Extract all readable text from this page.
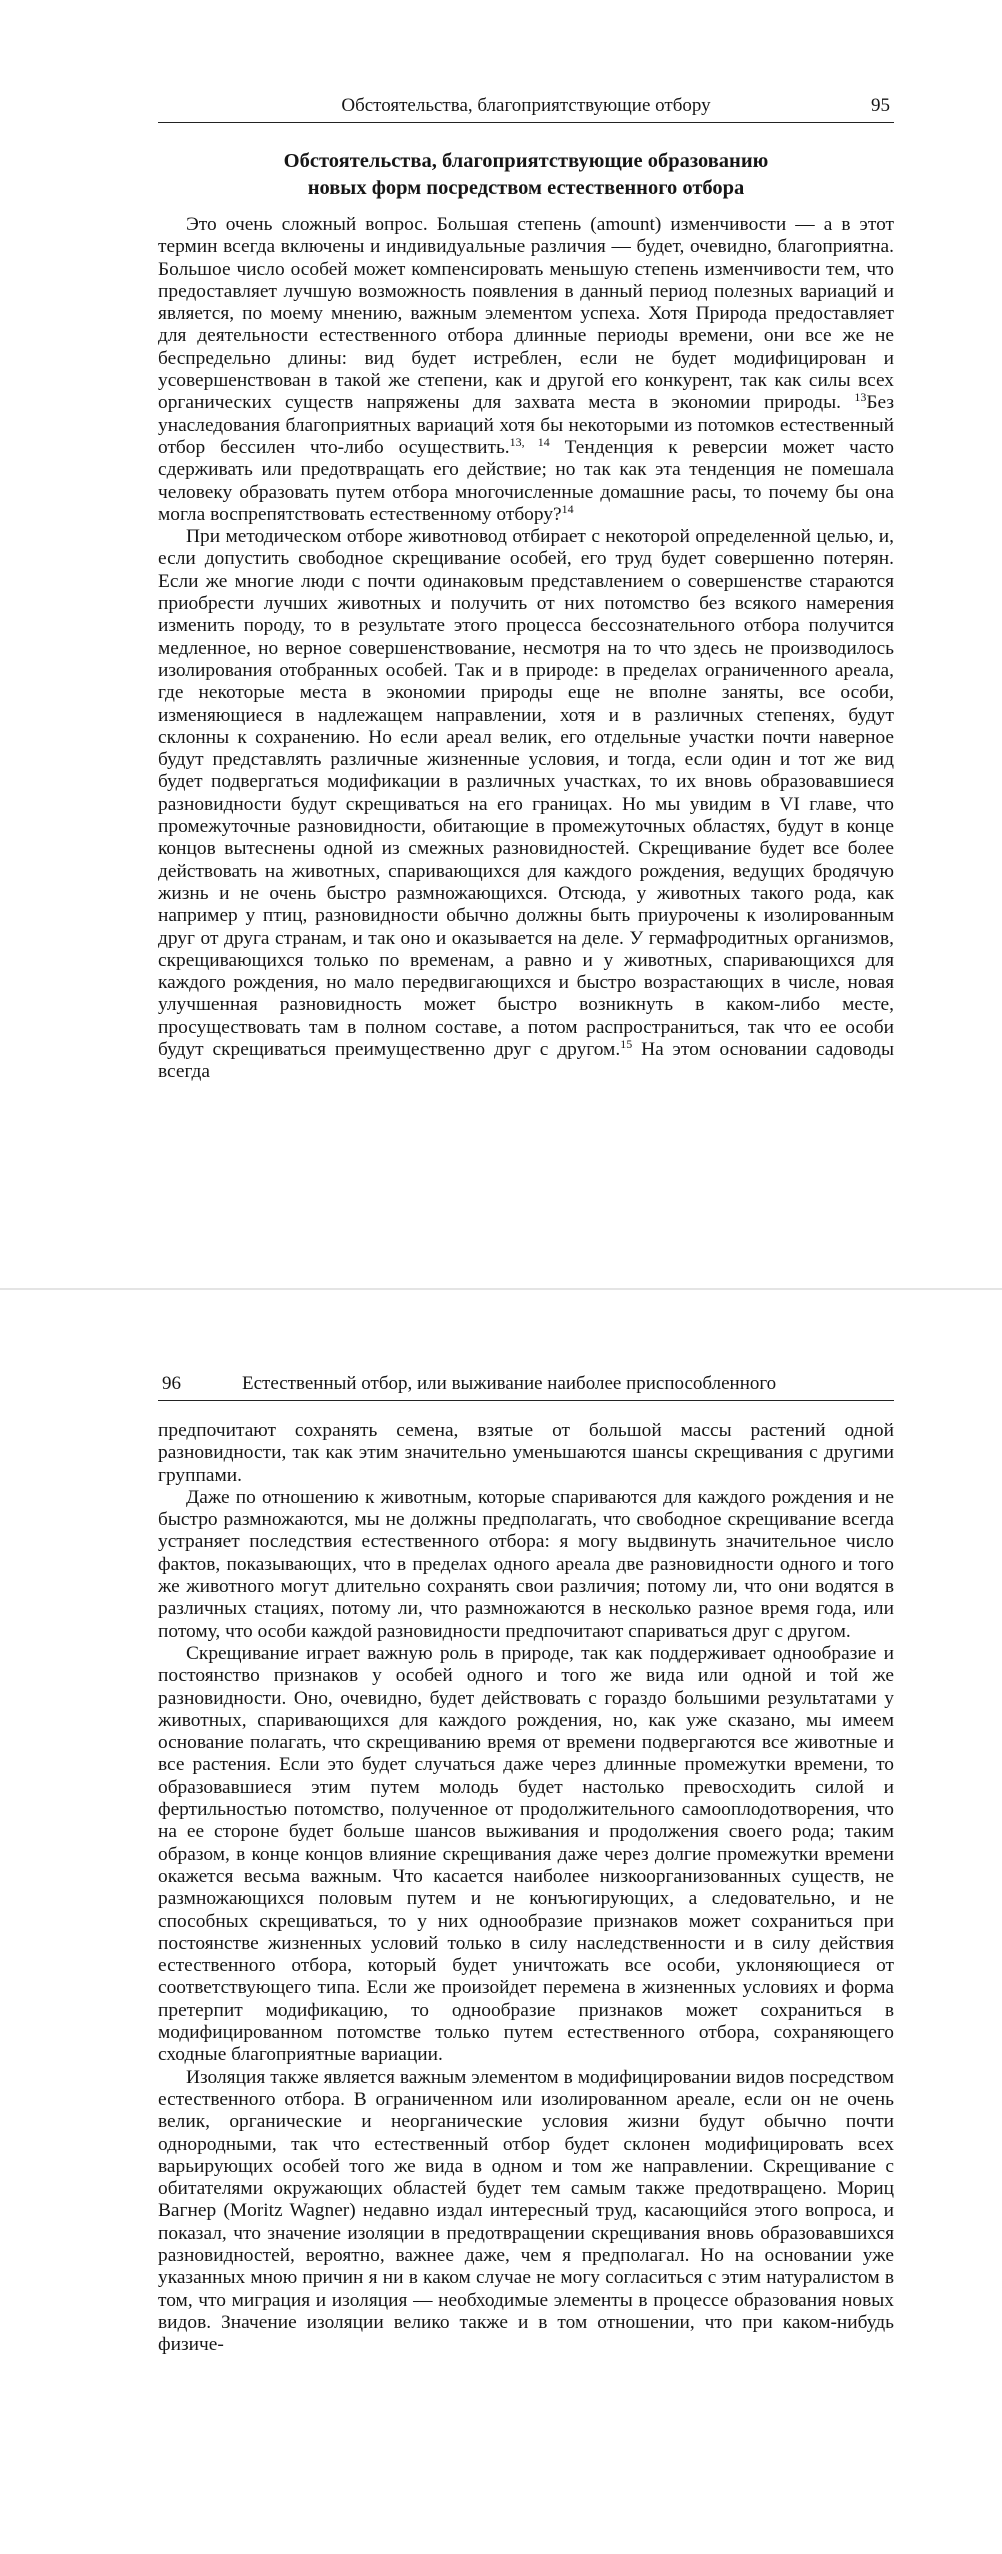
Обстоятельства, благоприятствующие отбору	95
Обстоятельства, благоприятствующие образованию
новых форм посредством естественного отбора

Это очень сложный вопрос. Большая степень (amount) изменчивости — а в этот термин всегда включены и индивидуальные различия — будет, очевидно, благоприятна. Большое число особей может компенсировать меньшую степень изменчивости тем, что предоставляет лучшую возможность появления в данный период полезных вариаций и является, по моему мнению, важным элементом успеха. Хотя Природа предоставляет для деятельности естественного отбора длинные периоды времени, они все же не беспредельно длины: вид будет истреблен, если не будет модифицирован и усовершенствован в такой же степени, как и другой его конкурент, так как силы всех органических существ напряжены для захвата места в экономии природы. $^{13}$Без унаследования благоприятных вариаций хотя бы некоторыми из потомков естественный отбор бессилен что-либо осуществить.$^{13, 14}$ Тенденция к реверсии может часто сдерживать или предотвращать его действие; но так как эта тенденция не помешала человеку образовать путем отбора многочисленные домашние расы, то почему бы она могла воспрепятствовать естественному отбору?$^{14}$

При методическом отборе животновод отбирает с некоторой определенной целью, и, если допустить свободное скрещивание особей, его труд будет совершенно потерян. Если же многие люди с почти одинаковым представлением о совершенстве стараются приобрести лучших животных и получить от них потомство без всякого намерения изменить породу, то в результате этого процесса бессознательного отбора получится медленное, но верное совершенствование, несмотря на то что здесь не производилось изолирования отобранных особей. Так и в природе: в пределах ограниченного ареала, где некоторые места в экономии природы еще не вполне заняты, все особи, изменяющиеся в надлежащем направлении, хотя и в различных степенях, будут склонны к сохранению. Но если ареал велик, его отдельные участки почти наверное будут представлять различные жизненные условия, и тогда, если один и тот же вид будет подвергаться модификации в различных участках, то их вновь образовавшиеся разновидности будут скрещиваться на его границах. Но мы увидим в VI главе, что промежуточные разновидности, обитающие в промежуточных областях, будут в конце концов вытеснены одной из смежных разновидностей. Скрещивание будет все более действовать на животных, спаривающихся для каждого рождения, ведущих бродячую жизнь и не очень быстро размножающихся. Отсюда, у животных такого рода, как например у птиц, разновидности обычно должны быть приурочены к изолированным друг от друга странам, и так оно и оказывается на деле. У гермафродитных организмов, скрещивающихся только по временам, а равно и у животных, спаривающихся для каждого рождения, но мало передвигающихся и быстро возрастающих в числе, новая улучшенная разновидность может быстро возникнуть в каком-либо месте, просуществовать там в полном составе, а потом распространиться, так что ее особи будут скрещиваться преимущественно друг с другом.$^{15}$ На этом основании садоводы всегда

96	Естественный отбор, или выживание наиболее приспособленного

предпочитают сохранять семена, взятые от большой массы растений одной разновидности, так как этим значительно уменьшаются шансы скрещивания с другими группами.

Даже по отношению к животным, которые спариваются для каждого рождения и не быстро размножаются, мы не должны предполагать, что свободное скрещивание всегда устраняет последствия естественного отбора: я могу выдвинуть значительное число фактов, показывающих, что в пределах одного ареала две разновидности одного и того же животного могут длительно сохранять свои различия; потому ли, что они водятся в различных стациях, потому ли, что размножаются в несколько разное время года, или потому, что особи каждой разновидности предпочитают спариваться друг с другом.

Скрещивание играет важную роль в природе, так как поддерживает однообразие и постоянство признаков у особей одного и того же вида или одной и той же разновидности. Оно, очевидно, будет действовать с гораздо большими результатами у животных, спаривающихся для каждого рождения, но, как уже сказано, мы имеем основание полагать, что скрещиванию время от времени подвергаются все животные и все растения. Если это будет случаться даже через длинные промежутки времени, то образовавшиеся этим путем молодь будет настолько превосходить силой и фертильностью потомство, полученное от продолжительного самооплодотворения, что на ее стороне будет больше шансов выживания и продолжения своего рода; таким образом, в конце концов влияние скрещивания даже через долгие промежутки времени окажется весьма важным. Что касается наиболее низкоорганизованных существ, не размножающихся половым путем и не конъюгирующих, а следовательно, и не способных скрещиваться, то у них однообразие признаков может сохраниться при постоянстве жизненных условий только в силу наследственности и в силу действия естественного отбора, который будет уничтожать все особи, уклоняющиеся от соответствующего типа. Если же произойдет перемена в жизненных условиях и форма претерпит модификацию, то однообразие признаков может сохраниться в модифицированном потомстве только путем естественного отбора, сохраняющего сходные благоприятные вариации.

Изоляция также является важным элементом в модифицировании видов посредством естественного отбора. В ограниченном или изолированном ареале, если он не очень велик, органические и неорганические условия жизни будут обычно почти однородными, так что естественный отбор будет склонен модифицировать всех варьирующих особей того же вида в одном и том же направлении. Скрещивание с обитателями окружающих областей будет тем самым также предотвращено. Мориц Вагнер (Moritz Wagner) недавно издал интересный труд, касающийся этого вопроса, и показал, что значение изоляции в предотвращении скрещивания вновь образовавшихся разновидностей, вероятно, важнее даже, чем я предполагал. Но на основании уже указанных мною причин я ни в каком случае не могу согласиться с этим натуралистом в том, что миграция и изоляция — необходимые элементы в процессе образования новых видов. Значение изоляции велико также и в том отношении, что при каком-нибудь физиче-
